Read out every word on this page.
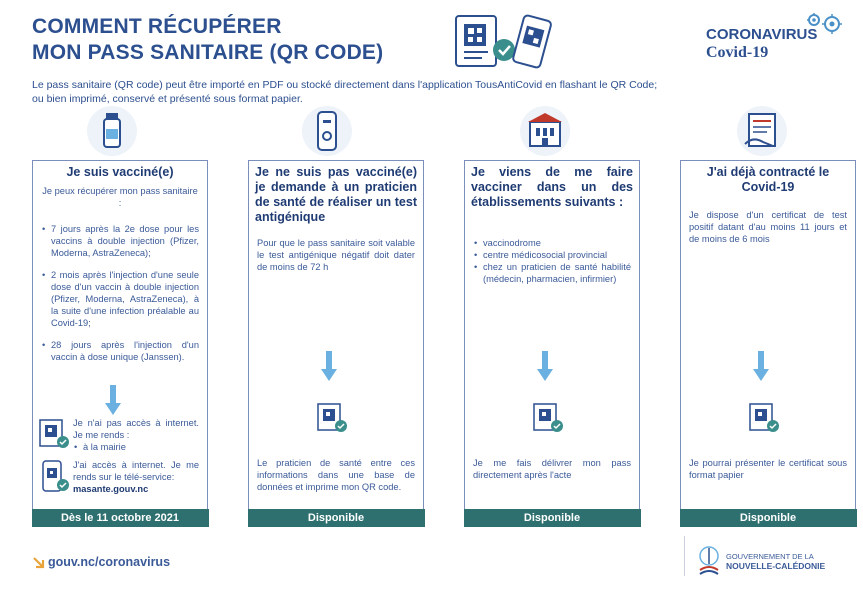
COMMENT RÉCUPÉRER
MON PASS SANITAIRE (QR CODE)
CORONAVIRUS
Covid-19
Le pass sanitaire (QR code) peut être importé en PDF ou stocké directement dans l'application TousAntiCovid en flashant le QR Code;
ou bien imprimé, conservé et présenté sous format papier.
Je suis vacciné(e)
Je peux récupérer mon pass sanitaire :
• 7 jours après la 2e dose pour les vaccins à double injection (Pfizer, Moderna, AstraZeneca);
• 2 mois après l'injection d'une seule dose d'un vaccin à double injection (Pfizer, Moderna, AstraZeneca), à la suite d'une infection préalable au Covid-19;
• 28 jours après l'injection d'un vaccin à dose unique (Janssen).
Je n'ai pas accès à internet. Je me rends :
• à la mairie
J'ai accès à internet. Je me rends sur le télé-service:
masante.gouv.nc
Dès le 11 octobre 2021
Je ne suis pas vacciné(e) je demande à un praticien de santé de réaliser un test antigénique
Pour que le pass sanitaire soit valable le test antigénique négatif doit dater de moins de 72 h
Le praticien de santé entre ces informations dans une base de données et imprime mon QR code.
Disponible
Je viens de me faire vacciner dans un des établissements suivants :
• vaccinodrome
• centre médicosocial provincial
• chez un praticien de santé habilité (médecin, pharmacien, infirmier)
Je me fais délivrer mon pass directement après l'acte
Disponible
J'ai déjà contracté le Covid-19
Je dispose d'un certificat de test positif datant d'au moins 11 jours et de moins de 6 mois
Je pourrai présenter le certificat sous format papier
Disponible
gouv.nc/coronavirus	GOUVERNEMENT DE LA
NOUVELLE-CALÉDONIE
